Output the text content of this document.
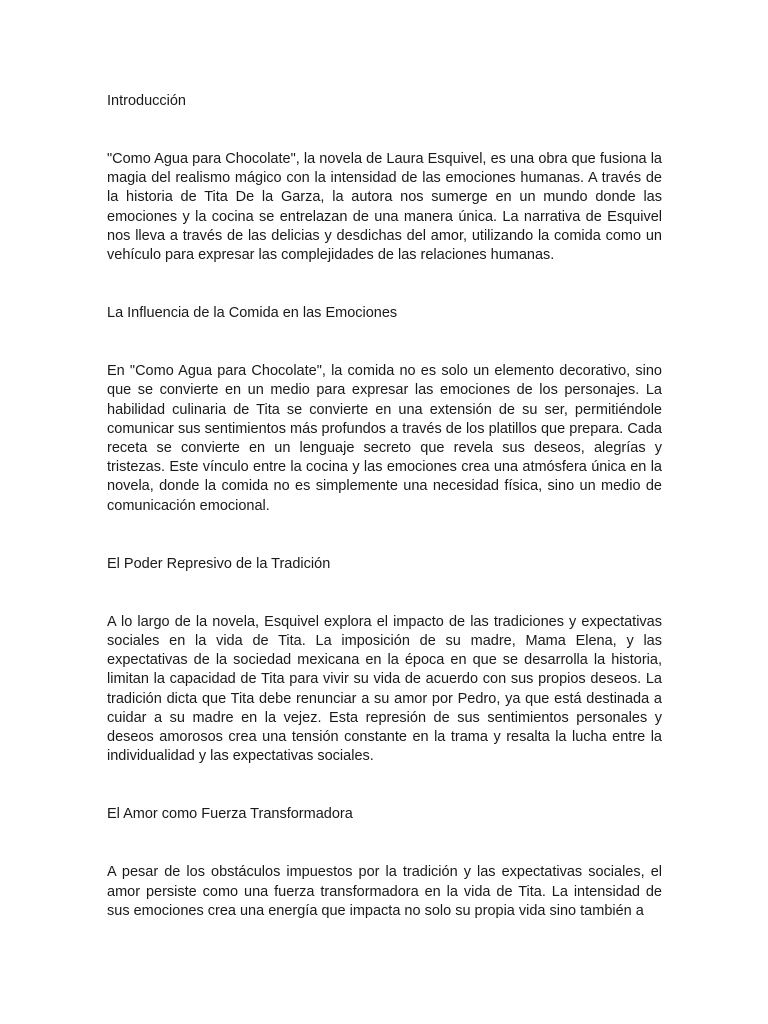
Introducción

"Como Agua para Chocolate", la novela de Laura Esquivel, es una obra que fusiona la magia del realismo mágico con la intensidad de las emociones humanas. A través de la historia de Tita De la Garza, la autora nos sumerge en un mundo donde las emociones y la cocina se entrelazan de una manera única. La narrativa de Esquivel nos lleva a través de las delicias y desdichas del amor, utilizando la comida como un vehículo para expresar las complejidades de las relaciones humanas.

La Influencia de la Comida en las Emociones

En "Como Agua para Chocolate", la comida no es solo un elemento decorativo, sino que se convierte en un medio para expresar las emociones de los personajes. La habilidad culinaria de Tita se convierte en una extensión de su ser, permitiéndole comunicar sus sentimientos más profundos a través de los platillos que prepara. Cada receta se convierte en un lenguaje secreto que revela sus deseos, alegrías y tristezas. Este vínculo entre la cocina y las emociones crea una atmósfera única en la novela, donde la comida no es simplemente una necesidad física, sino un medio de comunicación emocional.

El Poder Represivo de la Tradición

A lo largo de la novela, Esquivel explora el impacto de las tradiciones y expectativas sociales en la vida de Tita. La imposición de su madre, Mama Elena, y las expectativas de la sociedad mexicana en la época en que se desarrolla la historia, limitan la capacidad de Tita para vivir su vida de acuerdo con sus propios deseos. La tradición dicta que Tita debe renunciar a su amor por Pedro, ya que está destinada a cuidar a su madre en la vejez. Esta represión de sus sentimientos personales y deseos amorosos crea una tensión constante en la trama y resalta la lucha entre la individualidad y las expectativas sociales.

El Amor como Fuerza Transformadora

A pesar de los obstáculos impuestos por la tradición y las expectativas sociales, el amor persiste como una fuerza transformadora en la vida de Tita. La intensidad de sus emociones crea una energía que impacta no solo su propia vida sino también a
